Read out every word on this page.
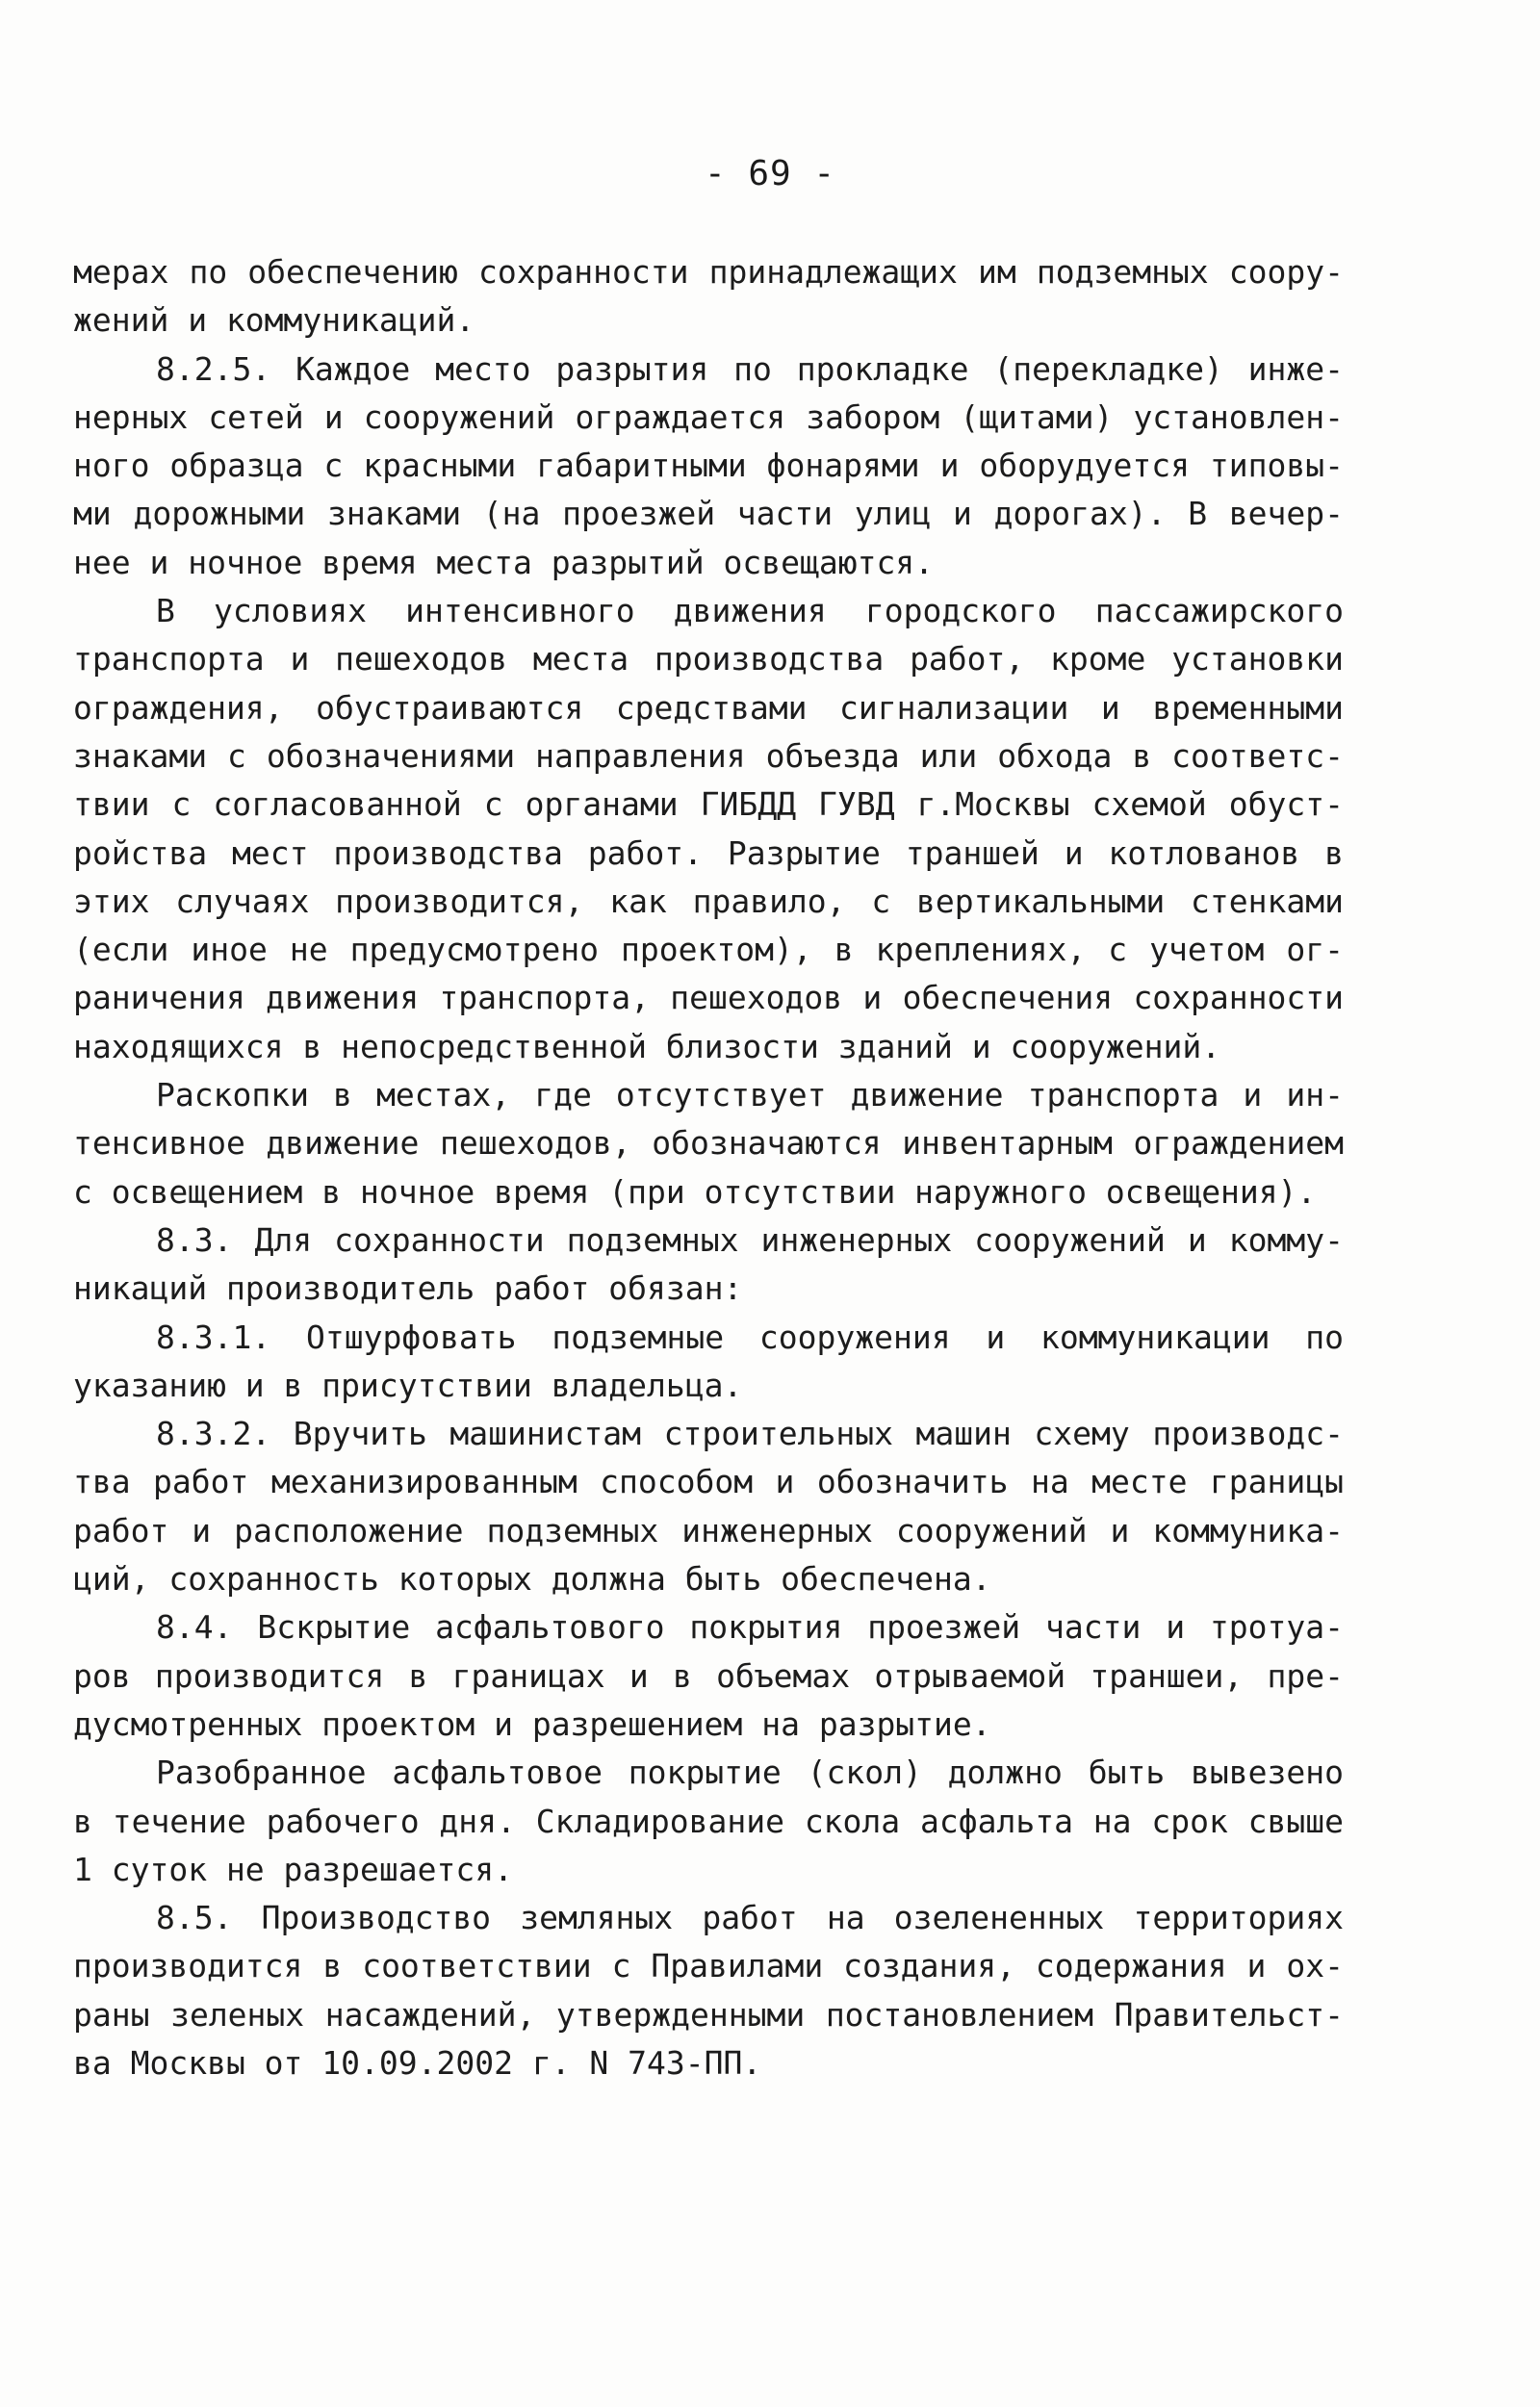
- 69 -
мерах по обеспечению сохранности принадлежащих им подземных соору-
жений и коммуникаций.
8.2.5. Каждое место разрытия по прокладке (перекладке) инже-
нерных сетей и сооружений ограждается забором (щитами) установлен-
ного образца с красными габаритными фонарями и оборудуется типовы-
ми дорожными знаками (на проезжей части улиц и дорогах). В вечер-
нее и ночное время места разрытий освещаются.
В условиях интенсивного движения городского пассажирского
транспорта и пешеходов места производства работ, кроме установки
ограждения, обустраиваются средствами сигнализации и временными
знаками с обозначениями направления объезда или обхода в соответс-
твии с согласованной с органами ГИБДД ГУВД г.Москвы схемой обуст-
ройства мест производства работ. Разрытие траншей и котлованов в
этих случаях производится, как правило, с вертикальными стенками
(если иное не предусмотрено проектом), в креплениях, с учетом ог-
раничения движения транспорта, пешеходов и обеспечения сохранности
находящихся в непосредственной близости зданий и сооружений.
Раскопки в местах, где отсутствует движение транспорта и ин-
тенсивное движение пешеходов, обозначаются инвентарным ограждением
с освещением в ночное время (при отсутствии наружного освещения).
8.3. Для сохранности подземных инженерных сооружений и комму-
никаций производитель работ обязан:
8.3.1. Отшурфовать подземные сооружения и коммуникации по
указанию и в присутствии владельца.
8.3.2. Вручить машинистам строительных машин схему производс-
тва работ механизированным способом и обозначить на месте границы
работ и расположение подземных инженерных сооружений и коммуника-
ций, сохранность которых должна быть обеспечена.
8.4. Вскрытие асфальтового покрытия проезжей части и тротуа-
ров производится в границах и в объемах отрываемой траншеи, пре-
дусмотренных проектом и разрешением на разрытие.
Разобранное асфальтовое покрытие (скол) должно быть вывезено
в течение рабочего дня. Складирование скола асфальта на срок свыше
1 суток не разрешается.
8.5. Производство земляных работ на озелененных территориях
производится в соответствии с Правилами создания, содержания и ох-
раны зеленых насаждений, утвержденными постановлением Правительст-
ва Москвы от 10.09.2002 г. N 743-ПП.
